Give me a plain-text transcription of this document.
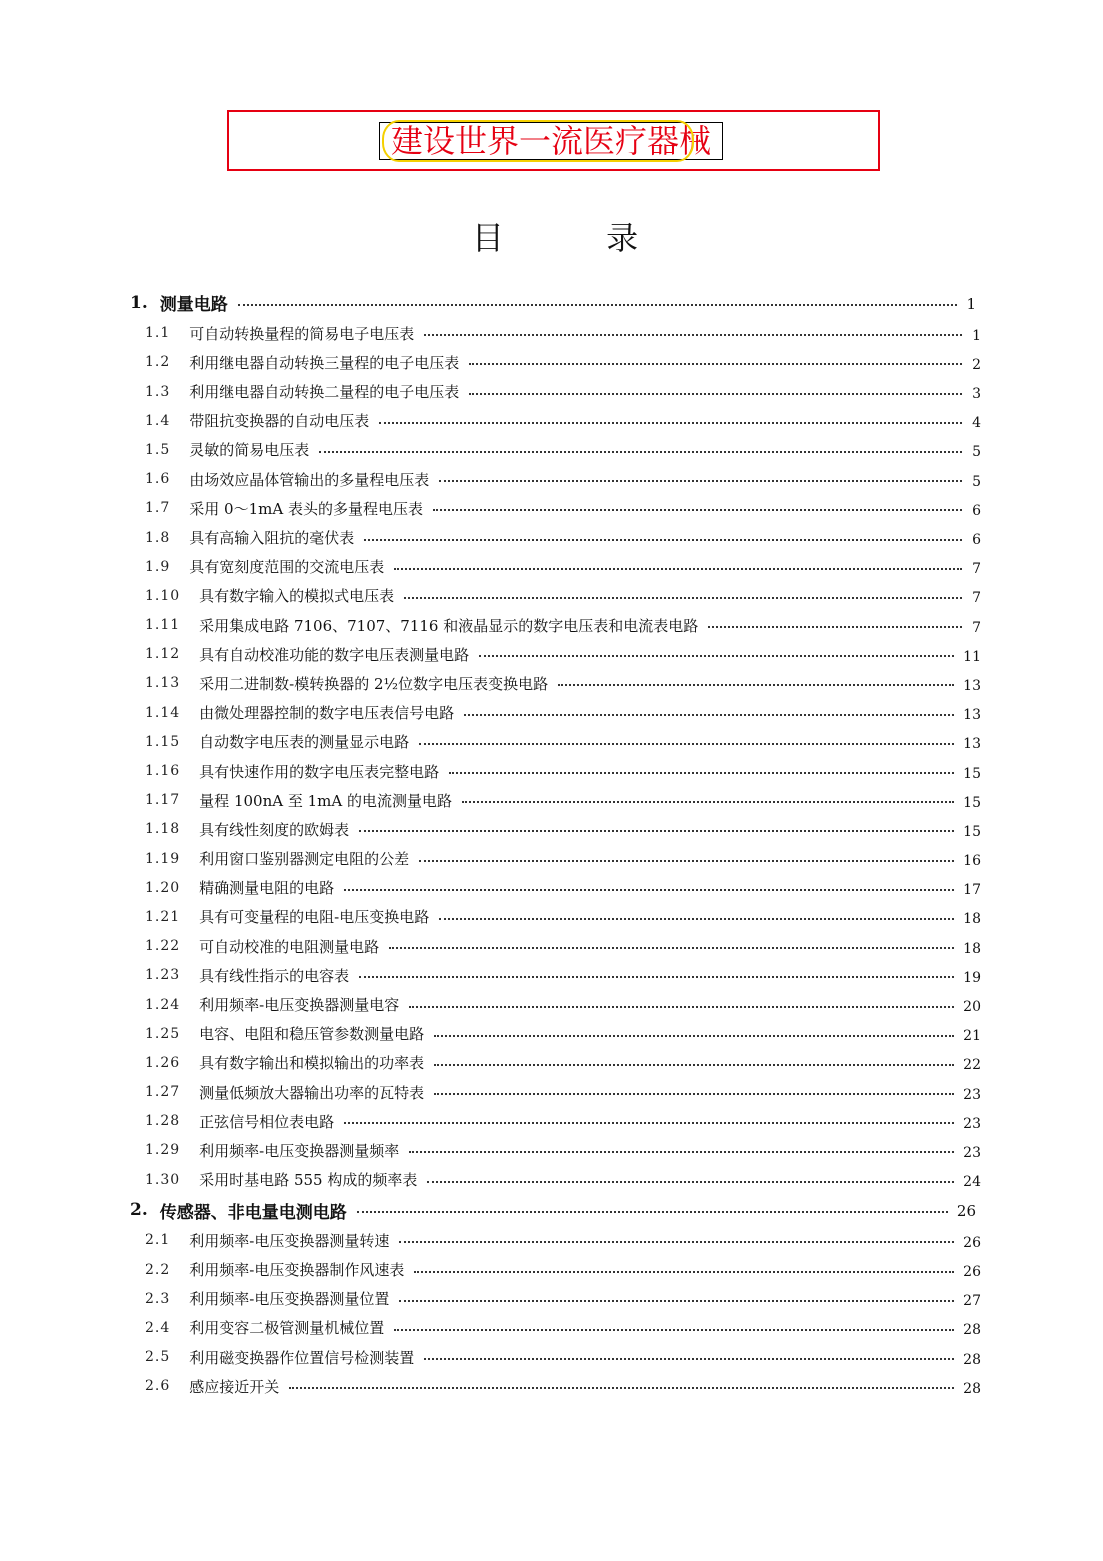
建设世界一流医疗器械
目 录
1. 测量电路	1
1.1 可自动转换量程的简易电子电压表	1
1.2 利用继电器自动转换三量程的电子电压表	2
1.3 利用继电器自动转换二量程的电子电压表	3
1.4 带阻抗变换器的自动电压表	4
1.5 灵敏的简易电压表	5
1.6 由场效应晶体管输出的多量程电压表	5
1.7 采用 0～1mA 表头的多量程电压表	6
1.8 具有高输入阻抗的毫伏表	6
1.9 具有宽刻度范围的交流电压表	7
1.10 具有数字输入的模拟式电压表	7
1.11 采用集成电路 7106、7107、7116 和液晶显示的数字电压表和电流表电路	7
1.12 具有自动校准功能的数字电压表测量电路	11
1.13 采用二进制数-模转换器的 2½位数字电压表变换电路	13
1.14 由微处理器控制的数字电压表信号电路	13
1.15 自动数字电压表的测量显示电路	13
1.16 具有快速作用的数字电压表完整电路	15
1.17 量程 100nA 至 1mA 的电流测量电路	15
1.18 具有线性刻度的欧姆表	15
1.19 利用窗口鉴别器测定电阻的公差	16
1.20 精确测量电阻的电路	17
1.21 具有可变量程的电阻-电压变换电路	18
1.22 可自动校准的电阻测量电路	18
1.23 具有线性指示的电容表	19
1.24 利用频率-电压变换器测量电容	20
1.25 电容、电阻和稳压管参数测量电路	21
1.26 具有数字输出和模拟输出的功率表	22
1.27 测量低频放大器输出功率的瓦特表	23
1.28 正弦信号相位表电路	23
1.29 利用频率-电压变换器测量频率	23
1.30 采用时基电路 555 构成的频率表	24
2. 传感器、非电量电测电路	26
2.1 利用频率-电压变换器测量转速	26
2.2 利用频率-电压变换器制作风速表	26
2.3 利用频率-电压变换器测量位置	27
2.4 利用变容二极管测量机械位置	28
2.5 利用磁变换器作位置信号检测装置	28
2.6 感应接近开关	28
